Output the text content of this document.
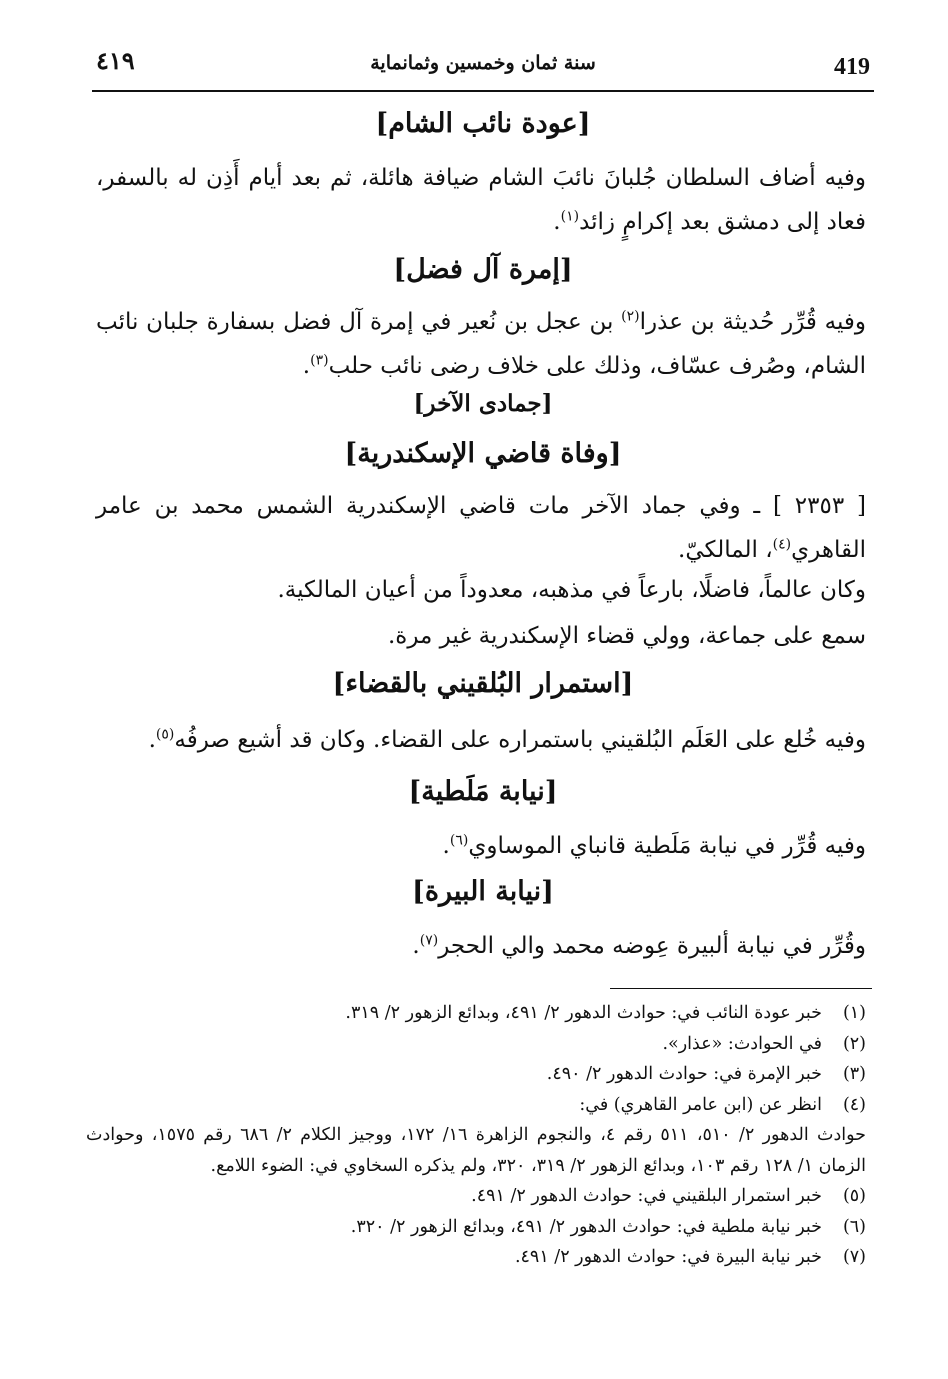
419
سنة ثمان وخمسين وثمانماية
٤١٩
[عودة نائب الشام]
وفيه أضاف السلطان جُلبانَ نائبَ الشام ضيافة هائلة، ثم بعد أيام أَذِن له بالسفر، فعاد إلى دمشق بعد إكرامٍ زائد$^{(١)}$.
[إمرة آل فضل]
وفيه قُرِّر حُديثة بن عذرا$^{(٢)}$ بن عجل بن نُعير في إمرة آل فضل بسفارة جلبان نائب الشام، وصُرف عسّاف، وذلك على خلاف رضى نائب حلب$^{(٣)}$.
[جمادى الآخر]
[وفاة قاضي الإسكندرية]
[ ٢٣٥٣ ] ـ وفي جماد الآخر مات قاضي الإسكندرية الشمس محمد بن عامر القاهري$^{(٤)}$، المالكيّ.
وكان عالماً، فاضلًا، بارعاً في مذهبه، معدوداً من أعيان المالكية.
سمع على جماعة، وولي قضاء الإسكندرية غير مرة.
[استمرار البُلقيني بالقضاء]
وفيه خُلع على العَلَم البُلقيني باستمراره على القضاء. وكان قد أشيع صرفُه$^{(٥)}$.
[نيابة مَلَطية]
وفيه قُرِّر في نيابة مَلَطية قانباي الموساوي$^{(٦)}$.
[نيابة البيرة]
وقُرِّر في نيابة ألبيرة عِوضه محمد والي الحجر$^{(٧)}$.
(١)
خبر عودة النائب في: حوادث الدهور ٢/ ٤٩١، وبدائع الزهور ٢/ ٣١٩.
(٢)
في الحوادث: «عذار».
(٣)
خبر الإمرة في: حوادث الدهور ٢/ ٤٩٠.
(٤)
انظر عن (ابن عامر القاهري) في:
حوادث الدهور ٢/ ٥١٠، ٥١١ رقم ٤، والنجوم الزاهرة ١٦/ ١٧٢، ووجيز الكلام ٢/ ٦٨٦ رقم ١٥٧٥، وحوادث الزمان ١/ ١٢٨ رقم ١٠٣، وبدائع الزهور ٢/ ٣١٩، ٣٢٠، ولم يذكره السخاوي في: الضوء اللامع.
(٥)
خبر استمرار البلقيني في: حوادث الدهور ٢/ ٤٩١.
(٦)
خبر نيابة ملطية في: حوادث الدهور ٢/ ٤٩١، وبدائع الزهور ٢/ ٣٢٠.
(٧)
خبر نيابة البيرة في: حوادث الدهور ٢/ ٤٩١.
